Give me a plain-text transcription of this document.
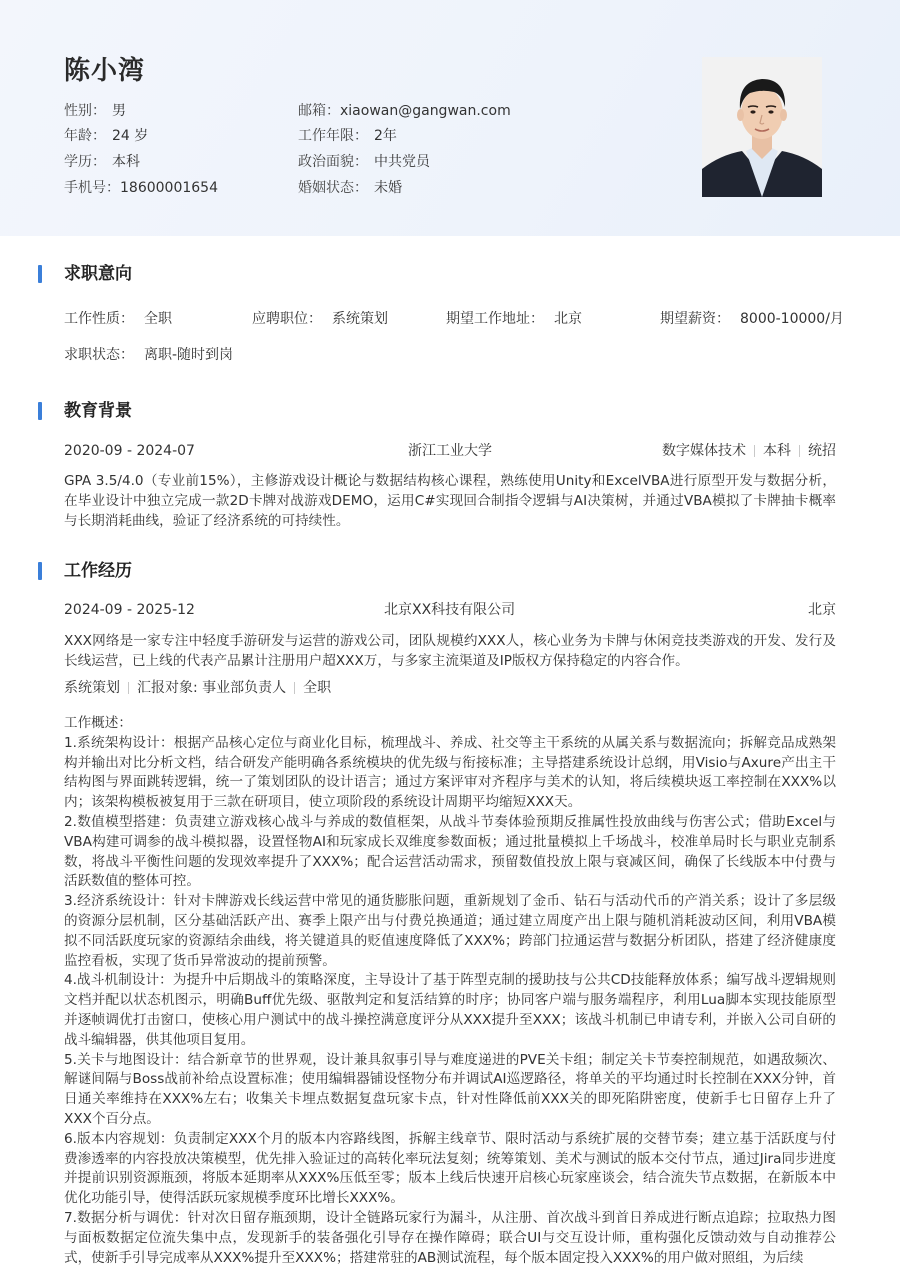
陈小湾
性别： 男
年龄： 24 岁
学历： 本科
手机号：18600001654
邮箱：xiaowan@gangwan.com
工作年限： 2年
政治面貌： 中共党员
婚姻状态： 未婚
求职意向
工作性质： 全职	应聘职位： 系统策划	期望工作地址： 北京	期望薪资： 8000-10000/月
求职状态： 离职-随时到岗
教育背景
2020-09 - 2024-07	浙江工业大学	数字媒体技术 本科 统招
GPA 3.5/4.0（专业前15%），主修游戏设计概论与数据结构核心课程，熟练使用Unity和ExcelVBA进行原型开发与数据分析，在毕业设计中独立完成一款2D卡牌对战游戏DEMO，运用C#实现回合制指令逻辑与AI决策树，并通过VBA模拟了卡牌抽卡概率与长期消耗曲线，验证了经济系统的可持续性。
工作经历
2024-09 - 2025-12	北京XX科技有限公司	北京
XXX网络是一家专注中轻度手游研发与运营的游戏公司，团队规模约XXX人，核心业务为卡牌与休闲竞技类游戏的开发、发行及长线运营，已上线的代表产品累计注册用户超XXX万，与多家主流渠道及IP版权方保持稳定的内容合作。
系统策划 汇报对象: 事业部负责人 全职
工作概述：
1.系统架构设计：根据产品核心定位与商业化目标，梳理战斗、养成、社交等主干系统的从属关系与数据流向；拆解竞品成熟架构并输出对比分析文档，结合研发产能明确各系统模块的优先级与衔接标准；主导搭建系统设计总纲，用Visio与Axure产出主干结构图与界面跳转逻辑，统一了策划团队的设计语言；通过方案评审对齐程序与美术的认知，将后续模块返工率控制在XXX%以内；该架构模板被复用于三款在研项目，使立项阶段的系统设计周期平均缩短XXX天。
2.数值模型搭建：负责建立游戏核心战斗与养成的数值框架，从战斗节奏体验预期反推属性投放曲线与伤害公式；借助Excel与VBA构建可调参的战斗模拟器，设置怪物AI和玩家成长双维度参数面板；通过批量模拟上千场战斗，校准单局时长与职业克制系数，将战斗平衡性问题的发现效率提升了XXX%；配合运营活动需求，预留数值投放上限与衰减区间，确保了长线版本中付费与活跃数值的整体可控。
3.经济系统设计：针对卡牌游戏长线运营中常见的通货膨胀问题，重新规划了金币、钻石与活动代币的产消关系；设计了多层级的资源分层机制，区分基础活跃产出、赛季上限产出与付费兑换通道；通过建立周度产出上限与随机消耗波动区间，利用VBA模拟不同活跃度玩家的资源结余曲线，将关键道具的贬值速度降低了XXX%；跨部门拉通运营与数据分析团队，搭建了经济健康度监控看板，实现了货币异常波动的提前预警。
4.战斗机制设计：为提升中后期战斗的策略深度，主导设计了基于阵型克制的援助技与公共CD技能释放体系；编写战斗逻辑规则文档并配以状态机图示，明确Buff优先级、驱散判定和复活结算的时序；协同客户端与服务端程序，利用Lua脚本实现技能原型并逐帧调优打击窗口，使核心用户测试中的战斗操控满意度评分从XXX提升至XXX；该战斗机制已申请专利，并嵌入公司自研的战斗编辑器，供其他项目复用。
5.关卡与地图设计：结合新章节的世界观，设计兼具叙事引导与难度递进的PVE关卡组；制定关卡节奏控制规范，如遇敌频次、解谜间隔与Boss战前补给点设置标准；使用编辑器铺设怪物分布并调试AI巡逻路径，将单关的平均通过时长控制在XXX分钟，首日通关率维持在XXX%左右；收集关卡埋点数据复盘玩家卡点，针对性降低前XXX关的即死陷阱密度，使新手七日留存上升了XXX个百分点。
6.版本内容规划：负责制定XXX个月的版本内容路线图，拆解主线章节、限时活动与系统扩展的交替节奏；建立基于活跃度与付费渗透率的内容投放决策模型，优先排入验证过的高转化率玩法复刻；统筹策划、美术与测试的版本交付节点，通过Jira同步进度并提前识别资源瓶颈，将版本延期率从XXX%压低至零；版本上线后快速开启核心玩家座谈会，结合流失节点数据，在新版本中优化功能引导，使得活跃玩家规模季度环比增长XXX%。
7.数据分析与调优：针对次日留存瓶颈期，设计全链路玩家行为漏斗，从注册、首次战斗到首日养成进行断点追踪；拉取热力图与面板数据定位流失集中点，发现新手的装备强化引导存在操作障碍；联合UI与交互设计师，重构强化反馈动效与自动推荐公式，使新手引导完成率从XXX%提升至XXX%；搭建常驻的AB测试流程，每个版本固定投入XXX%的用户做对照组，为后续
